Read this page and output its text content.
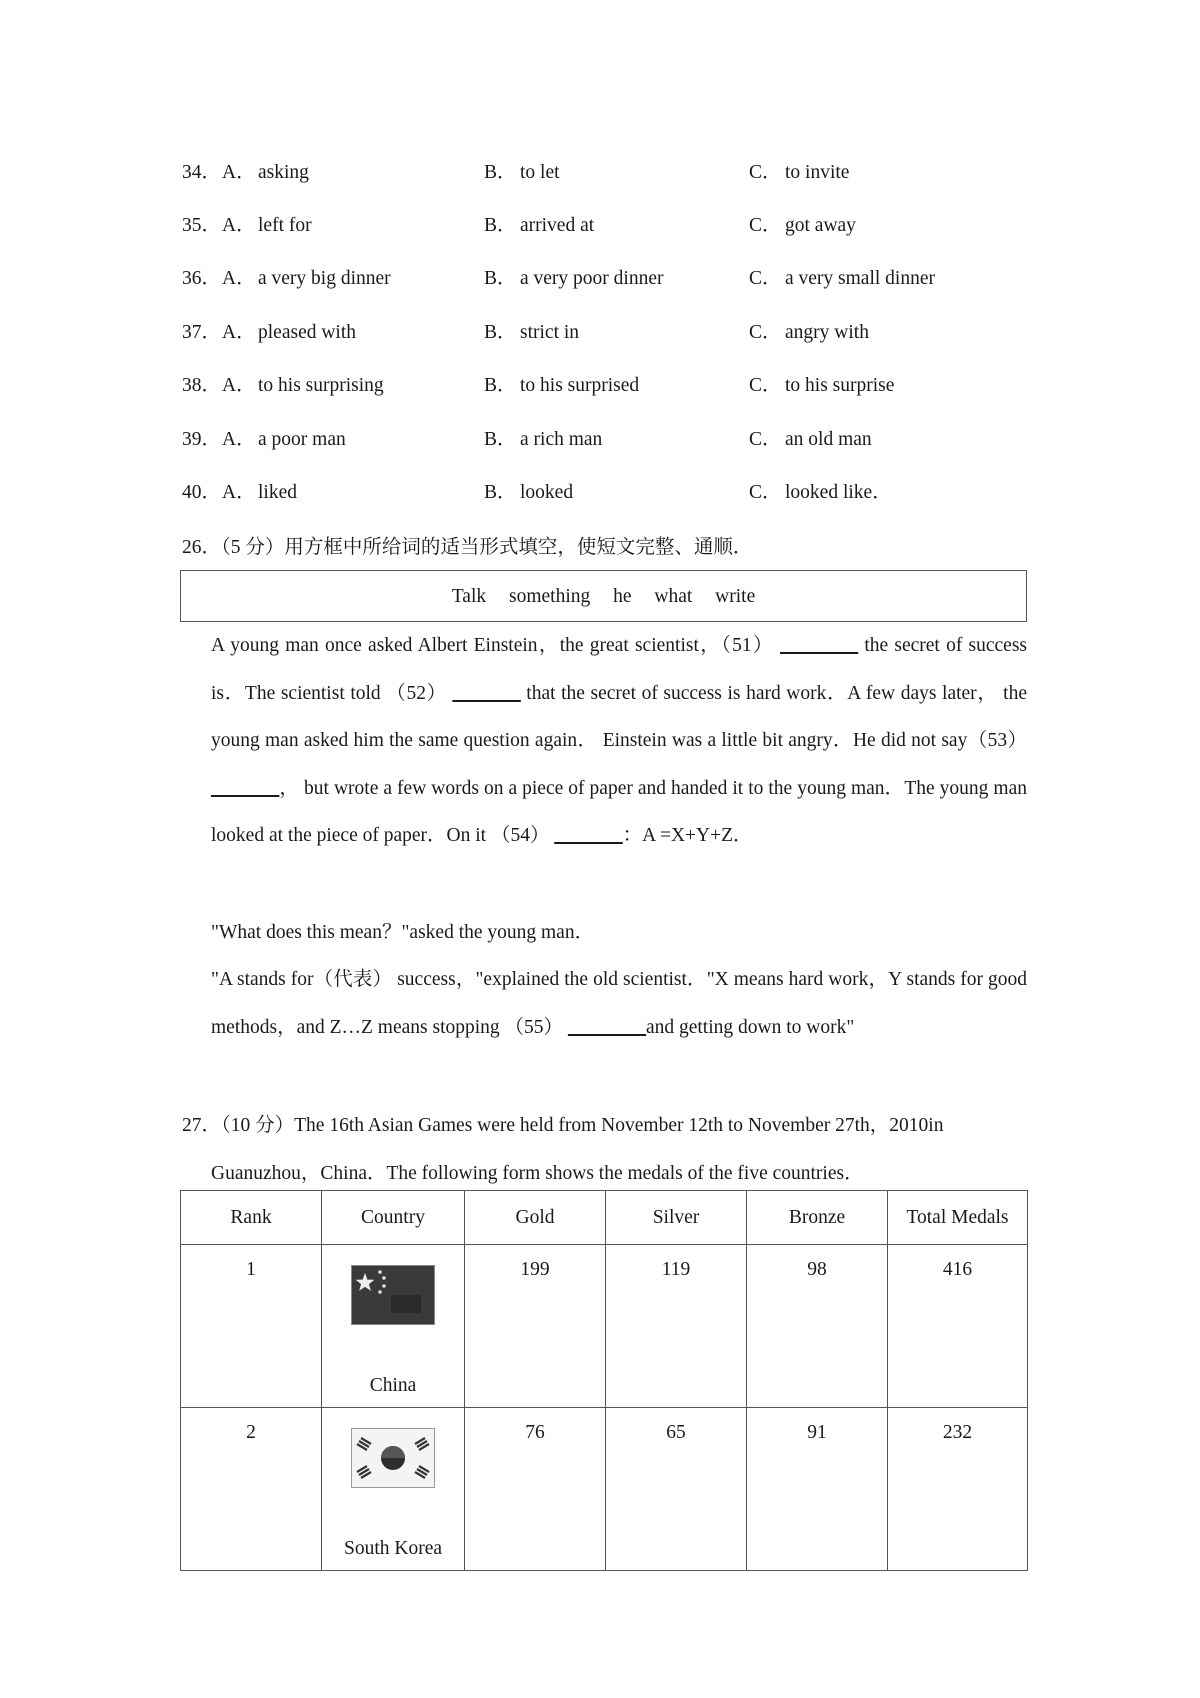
34． A． asking	B． to let	C． to invite
35． A． left for	B． arrived at	C． got away
36． A． a very big dinner	B． a very poor dinner	C． a very small dinner
37． A． pleased with	B． strict in	C． angry with
38． A． to his surprising	B． to his surprised	C． to his surprise
39． A． a poor man	B． a rich man	C． an old man
40． A． liked	B． looked	C． looked like．
26．（5 分）用方框中所给词的适当形式填空，使短文完整、通顺．
Talk something he what write

A young man once asked Albert Einstein，the great scientist，（51） ________ the secret of success is．The scientist told （52） _______ that the secret of success is hard work．A few days later， the young man asked him the same question again． Einstein was a little bit angry．He did not say（53） _______， but wrote a few words on a piece of paper and handed it to the young man．The young man looked at the piece of paper．On it （54） _______：A =X+Y+Z．

"What does this mean？"asked the young man．

"A stands for（代表） success，"explained the old scientist．"X means hard work，Y stands for good methods，and Z…Z means stopping （55） ________and getting down to work"

27．（10 分）The 16th Asian Games were held from November 12th to November 27th，2010in
Guanuzhou，China．The following form shows the medals of the five countries．
Rank	Country	Gold	Silver	Bronze	Total Medals
1	China	199	119	98	416
2	South Korea	76	65	91	232
